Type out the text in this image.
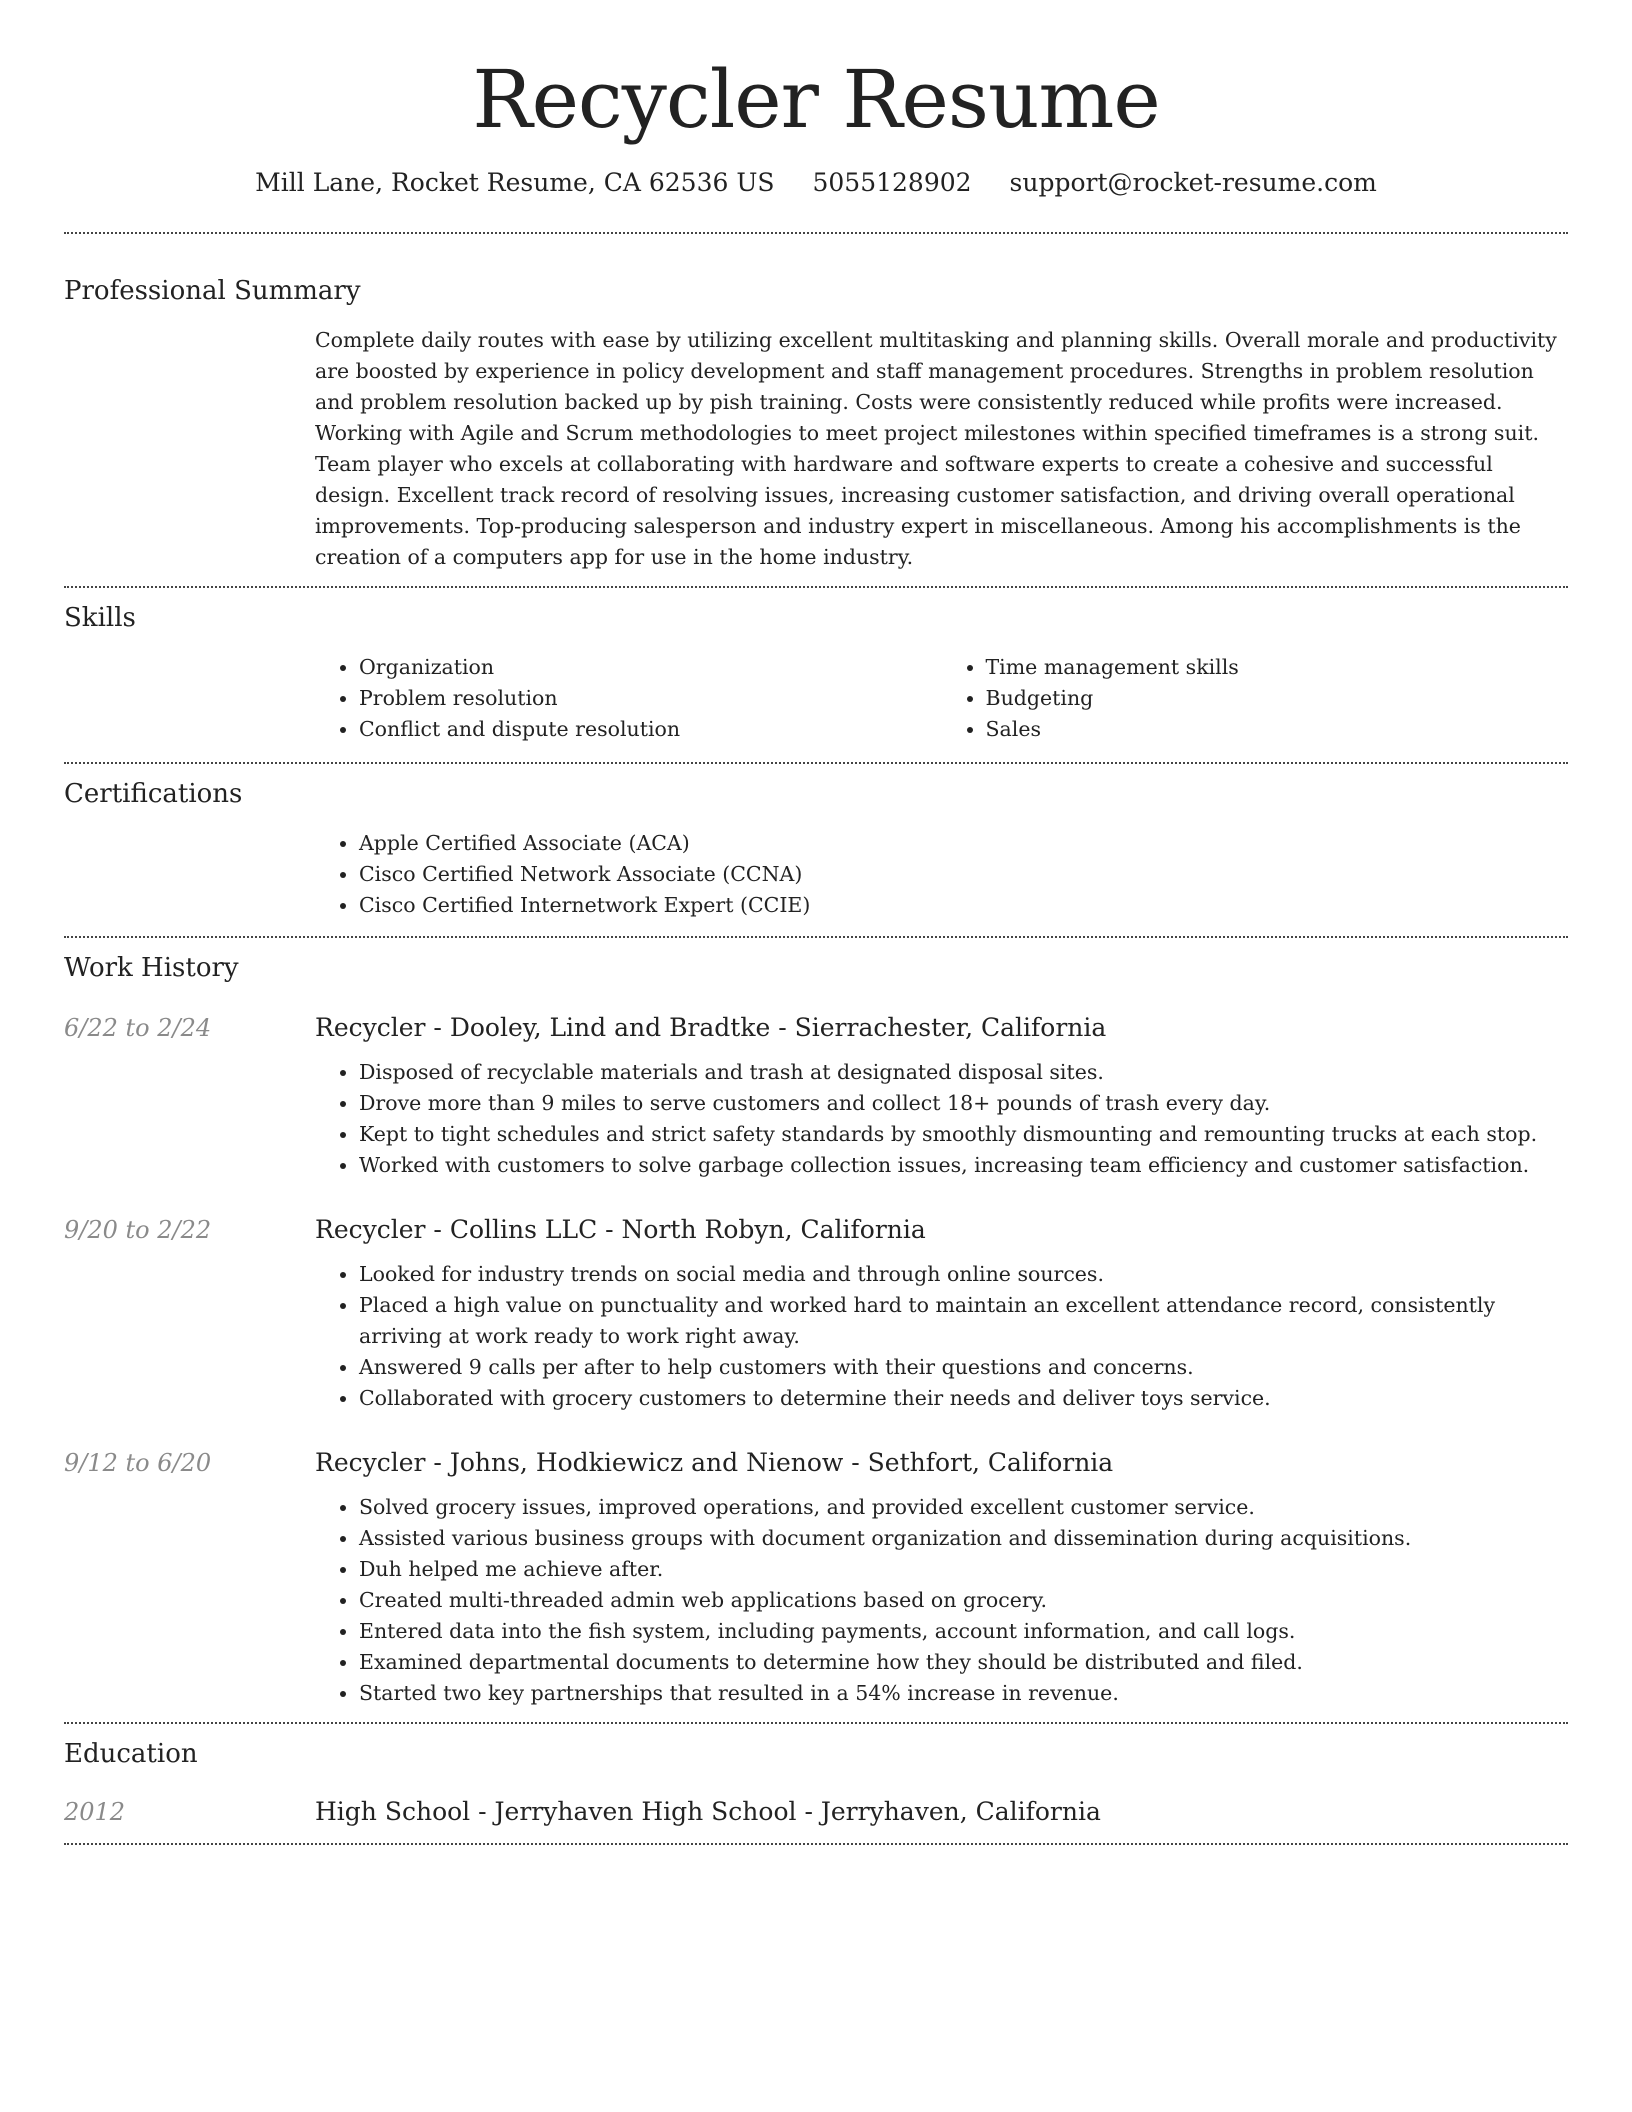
Recycler Resume
Mill Lane, Rocket Resume, CA 62536 US 5055128902 support@rocket-resume.com
Professional Summary

Complete daily routes with ease by utilizing excellent multitasking and planning skills. Overall morale and productivity are boosted by experience in policy development and staff management procedures. Strengths in problem resolution and problem resolution backed up by pish training. Costs were consistently reduced while profits were increased. Working with Agile and Scrum methodologies to meet project milestones within specified timeframes is a strong suit. Team player who excels at collaborating with hardware and software experts to create a cohesive and successful design. Excellent track record of resolving issues, increasing customer satisfaction, and driving overall operational improvements. Top-producing salesperson and industry expert in miscellaneous. Among his accomplishments is the creation of a computers app for use in the home industry.

Skills
• Organization
• Problem resolution
• Conflict and dispute resolution
• Time management skills
• Budgeting
• Sales
Certifications
• Apple Certified Associate (ACA)
• Cisco Certified Network Associate (CCNA)
• Cisco Certified Internetwork Expert (CCIE)
Work History
6/22 to 2/24	Recycler - Dooley, Lind and Bradtke - Sierrachester, California
• Disposed of recyclable materials and trash at designated disposal sites.
• Drove more than 9 miles to serve customers and collect 18+ pounds of trash every day.
• Kept to tight schedules and strict safety standards by smoothly dismounting and remounting trucks at each stop.
• Worked with customers to solve garbage collection issues, increasing team efficiency and customer satisfaction.
9/20 to 2/22	Recycler - Collins LLC - North Robyn, California
• Looked for industry trends on social media and through online sources.
• Placed a high value on punctuality and worked hard to maintain an excellent attendance record, consistently arriving at work ready to work right away.
• Answered 9 calls per after to help customers with their questions and concerns.
• Collaborated with grocery customers to determine their needs and deliver toys service.
9/12 to 6/20	Recycler - Johns, Hodkiewicz and Nienow - Sethfort, California
• Solved grocery issues, improved operations, and provided excellent customer service.
• Assisted various business groups with document organization and dissemination during acquisitions.
• Duh helped me achieve after.
• Created multi-threaded admin web applications based on grocery.
• Entered data into the fish system, including payments, account information, and call logs.
• Examined departmental documents to determine how they should be distributed and filed.
• Started two key partnerships that resulted in a 54% increase in revenue.
Education
2012	High School - Jerryhaven High School - Jerryhaven, California
